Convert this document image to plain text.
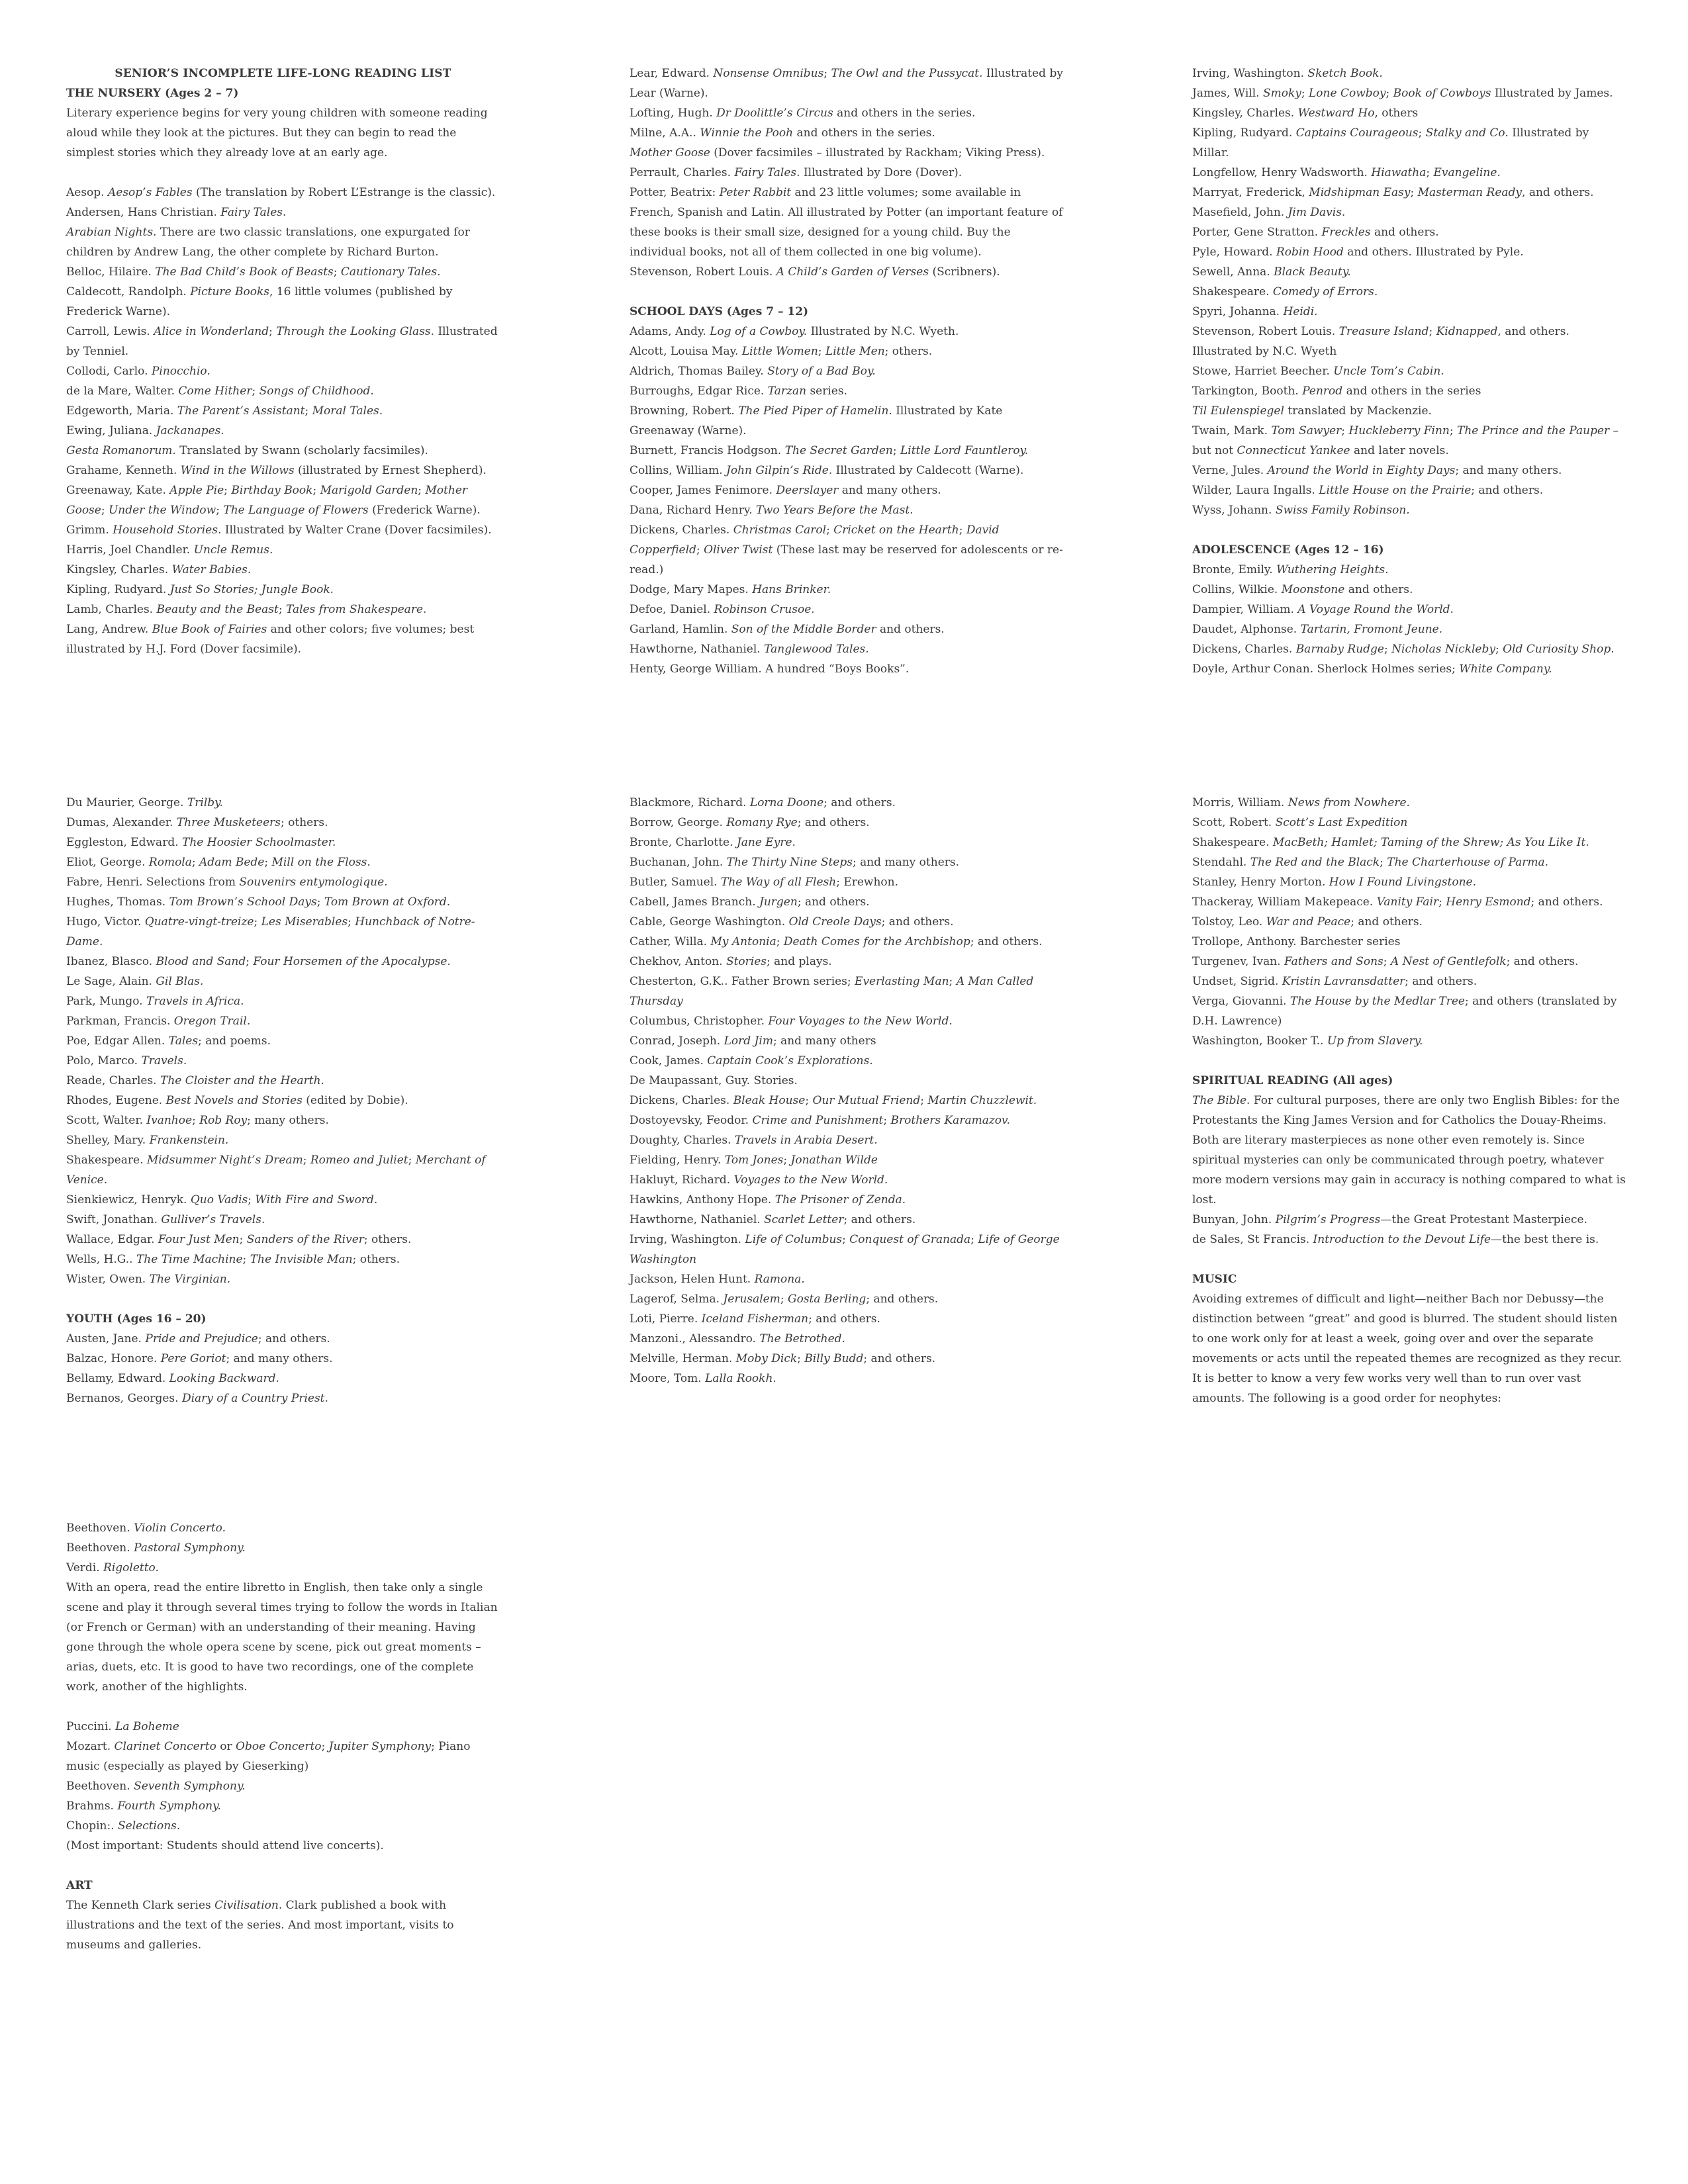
SENIOR’S INCOMPLETE LIFE-LONG READING LIST
THE NURSERY (Ages 2 – 7)
Literary experience begins for very young children with someone reading aloud while they look at the pictures. But they can begin to read the simplest stories which they already love at an early age.
Aesop. Aesop’s Fables (The translation by Robert L’Estrange is the classic).
Andersen, Hans Christian. Fairy Tales.
Arabian Nights. There are two classic translations, one expurgated for children by Andrew Lang, the other complete by Richard Burton.
Belloc, Hilaire. The Bad Child’s Book of Beasts; Cautionary Tales.
Caldecott, Randolph. Picture Books, 16 little volumes (published by Frederick Warne).
Carroll, Lewis. Alice in Wonderland; Through the Looking Glass. Illustrated by Tenniel.
Collodi, Carlo. Pinocchio.
de la Mare, Walter. Come Hither; Songs of Childhood.
Edgeworth, Maria. The Parent’s Assistant; Moral Tales.
Ewing, Juliana. Jackanapes.
Gesta Romanorum. Translated by Swann (scholarly facsimiles).
Grahame, Kenneth. Wind in the Willows (illustrated by Ernest Shepherd).
Greenaway, Kate. Apple Pie; Birthday Book; Marigold Garden; Mother Goose; Under the Window; The Language of Flowers (Frederick Warne).
Grimm. Household Stories. Illustrated by Walter Crane (Dover facsimiles).
Harris, Joel Chandler. Uncle Remus.
Kingsley, Charles. Water Babies.
Kipling, Rudyard. Just So Stories; Jungle Book.
Lamb, Charles. Beauty and the Beast; Tales from Shakespeare.
Lang, Andrew. Blue Book of Fairies and other colors; five volumes; best illustrated by H.J. Ford (Dover facsimile).
Lear, Edward. Nonsense Omnibus; The Owl and the Pussycat. Illustrated by Lear (Warne).
Lofting, Hugh. Dr Doolittle’s Circus and others in the series.
Milne, A.A.. Winnie the Pooh and others in the series.
Mother Goose (Dover facsimiles – illustrated by Rackham; Viking Press).
Perrault, Charles. Fairy Tales. Illustrated by Dore (Dover).
Potter, Beatrix: Peter Rabbit and 23 little volumes; some available in French, Spanish and Latin. All illustrated by Potter (an important feature of these books is their small size, designed for a young child. Buy the individual books, not all of them collected in one big volume).
Stevenson, Robert Louis. A Child’s Garden of Verses (Scribners).
SCHOOL DAYS (Ages 7 – 12)
Adams, Andy. Log of a Cowboy. Illustrated by N.C. Wyeth.
Alcott, Louisa May. Little Women; Little Men; others.
Aldrich, Thomas Bailey. Story of a Bad Boy.
Burroughs, Edgar Rice. Tarzan series.
Browning, Robert. The Pied Piper of Hamelin. Illustrated by Kate Greenaway (Warne).
Burnett, Francis Hodgson. The Secret Garden; Little Lord Fauntleroy.
Collins, William. John Gilpin’s Ride. Illustrated by Caldecott (Warne).
Cooper, James Fenimore. Deerslayer and many others.
Dana, Richard Henry. Two Years Before the Mast.
Dickens, Charles. Christmas Carol; Cricket on the Hearth; David Copperfield; Oliver Twist (These last may be reserved for adolescents or re-read.)
Dodge, Mary Mapes. Hans Brinker.
Defoe, Daniel. Robinson Crusoe.
Garland, Hamlin. Son of the Middle Border and others.
Hawthorne, Nathaniel. Tanglewood Tales.
Henty, George William. A hundred “Boys Books”.
Irving, Washington. Sketch Book.
James, Will. Smoky; Lone Cowboy; Book of Cowboys Illustrated by James.
Kingsley, Charles. Westward Ho, others
Kipling, Rudyard. Captains Courageous; Stalky and Co. Illustrated by Millar.
Longfellow, Henry Wadsworth. Hiawatha; Evangeline.
Marryat, Frederick, Midshipman Easy; Masterman Ready, and others.
Masefield, John. Jim Davis.
Porter, Gene Stratton. Freckles and others.
Pyle, Howard. Robin Hood and others. Illustrated by Pyle.
Sewell, Anna. Black Beauty.
Shakespeare. Comedy of Errors.
Spyri, Johanna. Heidi.
Stevenson, Robert Louis. Treasure Island; Kidnapped, and others. Illustrated by N.C. Wyeth
Stowe, Harriet Beecher. Uncle Tom’s Cabin.
Tarkington, Booth. Penrod and others in the series
Til Eulenspiegel translated by Mackenzie.
Twain, Mark. Tom Sawyer; Huckleberry Finn; The Prince and the Pauper – but not Connecticut Yankee and later novels.
Verne, Jules. Around the World in Eighty Days; and many others.
Wilder, Laura Ingalls. Little House on the Prairie; and others.
Wyss, Johann. Swiss Family Robinson.
ADOLESCENCE (Ages 12 – 16)
Bronte, Emily. Wuthering Heights.
Collins, Wilkie. Moonstone and others.
Dampier, William. A Voyage Round the World.
Daudet, Alphonse. Tartarin, Fromont Jeune.
Dickens, Charles. Barnaby Rudge; Nicholas Nickleby; Old Curiosity Shop.
Doyle, Arthur Conan. Sherlock Holmes series; White Company.
Du Maurier, George. Trilby.
Dumas, Alexander. Three Musketeers; others.
Eggleston, Edward. The Hoosier Schoolmaster.
Eliot, George. Romola; Adam Bede; Mill on the Floss.
Fabre, Henri. Selections from Souvenirs entymologique.
Hughes, Thomas. Tom Brown’s School Days; Tom Brown at Oxford.
Hugo, Victor. Quatre-vingt-treize; Les Miserables; Hunchback of Notre-Dame.
Ibanez, Blasco. Blood and Sand; Four Horsemen of the Apocalypse.
Le Sage, Alain. Gil Blas.
Park, Mungo. Travels in Africa.
Parkman, Francis. Oregon Trail.
Poe, Edgar Allen. Tales; and poems.
Polo, Marco. Travels.
Reade, Charles. The Cloister and the Hearth.
Rhodes, Eugene. Best Novels and Stories (edited by Dobie).
Scott, Walter. Ivanhoe; Rob Roy; many others.
Shelley, Mary. Frankenstein.
Shakespeare. Midsummer Night’s Dream; Romeo and Juliet; Merchant of Venice.
Sienkiewicz, Henryk. Quo Vadis; With Fire and Sword.
Swift, Jonathan. Gulliver’s Travels.
Wallace, Edgar. Four Just Men; Sanders of the River; others.
Wells, H.G.. The Time Machine; The Invisible Man; others.
Wister, Owen. The Virginian.
YOUTH (Ages 16 – 20)
Austen, Jane. Pride and Prejudice; and others.
Balzac, Honore. Pere Goriot; and many others.
Bellamy, Edward. Looking Backward.
Bernanos, Georges. Diary of a Country Priest.
Blackmore, Richard. Lorna Doone; and others.
Borrow, George. Romany Rye; and others.
Bronte, Charlotte. Jane Eyre.
Buchanan, John. The Thirty Nine Steps; and many others.
Butler, Samuel. The Way of all Flesh; Erewhon.
Cabell, James Branch. Jurgen; and others.
Cable, George Washington. Old Creole Days; and others.
Cather, Willa. My Antonia; Death Comes for the Archbishop; and others.
Chekhov, Anton. Stories; and plays.
Chesterton, G.K.. Father Brown series; Everlasting Man; A Man Called Thursday
Columbus, Christopher. Four Voyages to the New World.
Conrad, Joseph. Lord Jim; and many others
Cook, James. Captain Cook’s Explorations.
De Maupassant, Guy. Stories.
Dickens, Charles. Bleak House; Our Mutual Friend; Martin Chuzzlewit.
Dostoyevsky, Feodor. Crime and Punishment; Brothers Karamazov.
Doughty, Charles. Travels in Arabia Desert.
Fielding, Henry. Tom Jones; Jonathan Wilde
Hakluyt, Richard. Voyages to the New World.
Hawkins, Anthony Hope. The Prisoner of Zenda.
Hawthorne, Nathaniel. Scarlet Letter; and others.
Irving, Washington. Life of Columbus; Conquest of Granada; Life of George Washington
Jackson, Helen Hunt. Ramona.
Lagerof, Selma. Jerusalem; Gosta Berling; and others.
Loti, Pierre. Iceland Fisherman; and others.
Manzoni., Alessandro. The Betrothed.
Melville, Herman. Moby Dick; Billy Budd; and others.
Moore, Tom. Lalla Rookh.
Morris, William. News from Nowhere.
Scott, Robert. Scott’s Last Expedition
Shakespeare. MacBeth; Hamlet; Taming of the Shrew; As You Like It.
Stendahl. The Red and the Black; The Charterhouse of Parma.
Stanley, Henry Morton. How I Found Livingstone.
Thackeray, William Makepeace. Vanity Fair; Henry Esmond; and others.
Tolstoy, Leo. War and Peace; and others.
Trollope, Anthony. Barchester series
Turgenev, Ivan. Fathers and Sons; A Nest of Gentlefolk; and others.
Undset, Sigrid. Kristin Lavransdatter; and others.
Verga, Giovanni. The House by the Medlar Tree; and others (translated by D.H. Lawrence)
Washington, Booker T.. Up from Slavery.
SPIRITUAL READING (All ages)
The Bible. For cultural purposes, there are only two English Bibles: for the Protestants the King James Version and for Catholics the Douay-Rheims. Both are literary masterpieces as none other even remotely is. Since spiritual mysteries can only be communicated through poetry, whatever more modern versions may gain in accuracy is nothing compared to what is lost.
Bunyan, John. Pilgrim’s Progress—the Great Protestant Masterpiece.
de Sales, St Francis. Introduction to the Devout Life—the best there is.
MUSIC
Avoiding extremes of difficult and light—neither Bach nor Debussy—the distinction between “great” and good is blurred. The student should listen to one work only for at least a week, going over and over the separate movements or acts until the repeated themes are recognized as they recur. It is better to know a very few works very well than to run over vast amounts. The following is a good order for neophytes:
Beethoven. Violin Concerto.
Beethoven. Pastoral Symphony.
Verdi. Rigoletto.
With an opera, read the entire libretto in English, then take only a single scene and play it through several times trying to follow the words in Italian (or French or German) with an understanding of their meaning. Having gone through the whole opera scene by scene, pick out great moments – arias, duets, etc. It is good to have two recordings, one of the complete work, another of the highlights.
Puccini. La Boheme
Mozart. Clarinet Concerto or Oboe Concerto; Jupiter Symphony; Piano music (especially as played by Gieserking)
Beethoven. Seventh Symphony.
Brahms. Fourth Symphony.
Chopin:. Selections.
(Most important: Students should attend live concerts).
ART
The Kenneth Clark series Civilisation. Clark published a book with illustrations and the text of the series. And most important, visits to museums and galleries.
